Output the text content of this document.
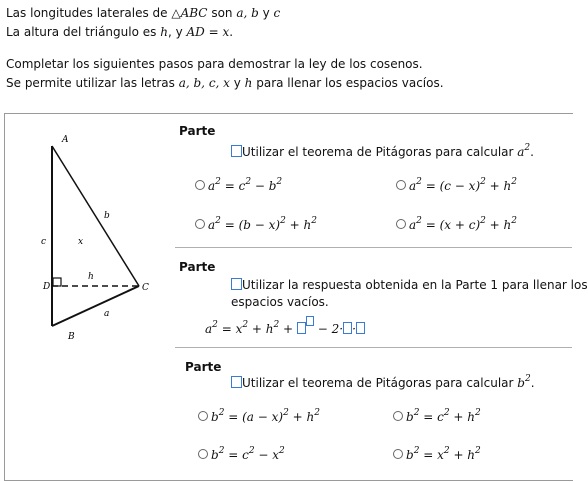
Las longitudes laterales de △ABC son a, b y c
La altura del triángulo es h, y AD = x.
Completar los siguientes pasos para demostrar la ley de los cosenos.
Se permite utilizar las letras a, b, c, x y h para llenar los espacios vacíos.
A
D	C
B
b
c	x
h
a
Parte
Utilizar el teorema de Pitágoras para calcular $a^2$.
$a^2 = c^2 - b^2$	$a^2 = (c - x)^2 + h^2$
$a^2 = (b - x)^2 + h^2$	$a^2 = (x + c)^2 + h^2$
Parte
Utilizar la respuesta obtenida en la Parte 1 para llenar los
espacios vacíos.
$a^2 = x^2 + h^2$ +  − 2· ·
Parte
Utilizar el teorema de Pitágoras para calcular $b^2$.
$b^2 = (a - x)^2 + h^2$	$b^2 = c^2 + h^2$
$b^2 = c^2 - x^2$	$b^2 = x^2 + h^2$
